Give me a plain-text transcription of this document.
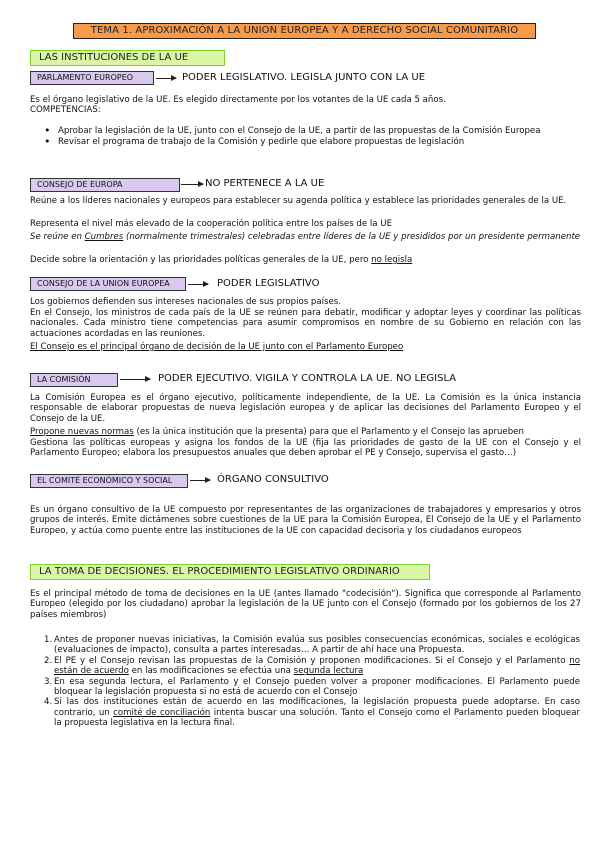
TEMA 1. APROXIMACIÓN A LA UNION EUROPEA Y A DERECHO SOCIAL COMUNITARIO
LAS INSTITUCIONES DE LA UE
PARLAMENTO EUROPEO	PODER LEGISLATIVO. LEGISLA JUNTO CON LA UE
Es el órgano legislativo de la UE. Es elegido directamente por los votantes de la UE cada 5 años.
COMPETENCIAS:
• Aprobar la legislación de la UE, junto con el Consejo de la UE, a partir de las propuestas de la Comisión Europea
• Revisar el programa de trabajo de la Comisión y pedirle que elabore propuestas de legislación
CONSEJO DE EUROPA	NO PERTENECE A LA UE
Reúne a los líderes nacionales y europeos para establecer su agenda política y establece las prioridades generales de la UE.
Representa el nivel más elevado de la cooperación política entre los países de la UE
Se reúne en Cumbres (normalmente trimestrales) celebradas entre líderes de la UE y presididos por un presidente permanente
Decide sobre la orientación y las prioridades políticas generales de la UE, pero no legisla
CONSEJO DE LA UNION EUROPEA	PODER LEGISLATIVO
Los gobiernos defienden sus intereses nacionales de sus propios países.
En el Consejo, los ministros de cada país de la UE se reúnen para debatir, modificar y adoptar leyes y coordinar las políticas nacionales. Cada ministro tiene competencias para asumir compromisos en nombre de su Gobierno en relación con las actuaciones acordadas en las reuniones.
El Consejo es el principal órgano de decisión de la UE junto con el Parlamento Europeo
LA COMISIÓN	PODER EJECUTIVO. VIGILA Y CONTROLA LA UE. NO LEGISLA
La Comisión Europea es el órgano ejecutivo, políticamente independiente, de la UE. La Comisión es la única instancia responsable de elaborar propuestas de nueva legislación europea y de aplicar las decisiones del Parlamento Europeo y el Consejo de la UE.
Propone nuevas normas (es la única institución que la presenta) para que el Parlamento y el Consejo las aprueben
Gestiona las políticas europeas y asigna los fondos de la UE (fija las prioridades de gasto de la UE con el Consejo y el Parlamento Europeo; elabora los presupuestos anuales que deben aprobar el PE y Consejo, supervisa el gasto…)
EL COMITÉ ECONÓMICO Y SOCIAL	ÓRGANO CONSULTIVO
Es un órgano consultivo de la UE compuesto por representantes de las organizaciones de trabajadores y empresarios y otros grupos de interés. Emite dictámenes sobre cuestiones de la UE para la Comisión Europea, El Consejo de la UE y el Parlamento Europeo, y actúa como puente entre las instituciones de la UE con capacidad decisoria y los ciudadanos europeos
LA TOMA DE DECISIONES. EL PROCEDIMIENTO LEGISLATIVO ORDINARIO
Es el principal método de toma de decisiones en la UE (antes llamado "codecisión"). Significa que corresponde al Parlamento Europeo (elegido por los ciudadano) aprobar la legislación de la UE junto con el Consejo (formado por los gobiernos de los 27 países miembros)
1. Antes de proponer nuevas iniciativas, la Comisión evalúa sus posibles consecuencias económicas, sociales e ecológicas (evaluaciones de impacto), consulta a partes interesadas… A partir de ahí hace una Propuesta.
2. El PE y el Consejo revisan las propuestas de la Comisión y proponen modificaciones. Si el Consejo y el Parlamento no están de acuerdo en las modificaciones se efectúa una segunda lectura
3. En esa segunda lectura, el Parlamento y el Consejo pueden volver a proponer modificaciones. El Parlamento puede bloquear la legislación propuesta si no está de acuerdo con el Consejo
4. Si las dos instituciones están de acuerdo en las modificaciones, la legislación propuesta puede adoptarse. En caso contrario, un comité de conciliación intenta buscar una solución. Tanto el Consejo como el Parlamento pueden bloquear la propuesta legislativa en la lectura final.
